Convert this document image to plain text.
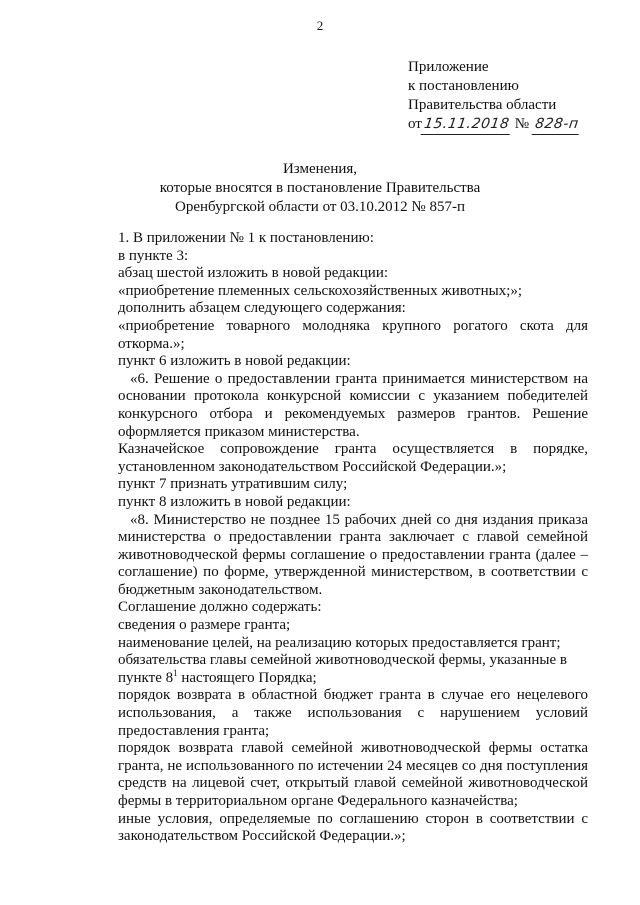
2
Приложение
к постановлению
Правительства области
от15.11.2018 № 828-п
Изменения,
которые вносятся в постановление Правительства
Оренбургской области от 03.10.2012 № 857-п

1. В приложении № 1 к постановлению:

в пункте 3:

абзац шестой изложить в новой редакции:

«приобретение племенных сельскохозяйственных животных;»;

дополнить абзацем следующего содержания:

«приобретение товарного молодняка крупного рогатого скота для откорма.»;

пункт 6 изложить в новой редакции:

«6. Решение о предоставлении гранта принимается министерством на основании протокола конкурсной комиссии с указанием победителей конкурсного отбора и рекомендуемых размеров грантов. Решение оформляется приказом министерства.

Казначейское сопровождение гранта осуществляется в порядке, установленном законодательством Российской Федерации.»;

пункт 7 признать утратившим силу;

пункт 8 изложить в новой редакции:

«8. Министерство не позднее 15 рабочих дней со дня издания приказа министерства о предоставлении гранта заключает с главой семейной животноводческой фермы соглашение о предоставлении гранта (далее – соглашение) по форме, утвержденной министерством, в соответствии с бюджетным законодательством.

Соглашение должно содержать:

сведения о размере гранта;

наименование целей, на реализацию которых предоставляется грант;

обязательства главы семейной животноводческой фермы, указанные в
пункте $8^1$ настоящего Порядка;

порядок возврата в областной бюджет гранта в случае его нецелевого использования, а также использования с нарушением условий предоставления гранта;

порядок возврата главой семейной животноводческой фермы остатка гранта, не использованного по истечении 24 месяцев со дня поступления средств на лицевой счет, открытый главой семейной животноводческой фермы в территориальном органе Федерального казначейства;

иные условия, определяемые по соглашению сторон в соответствии с законодательством Российской Федерации.»;
